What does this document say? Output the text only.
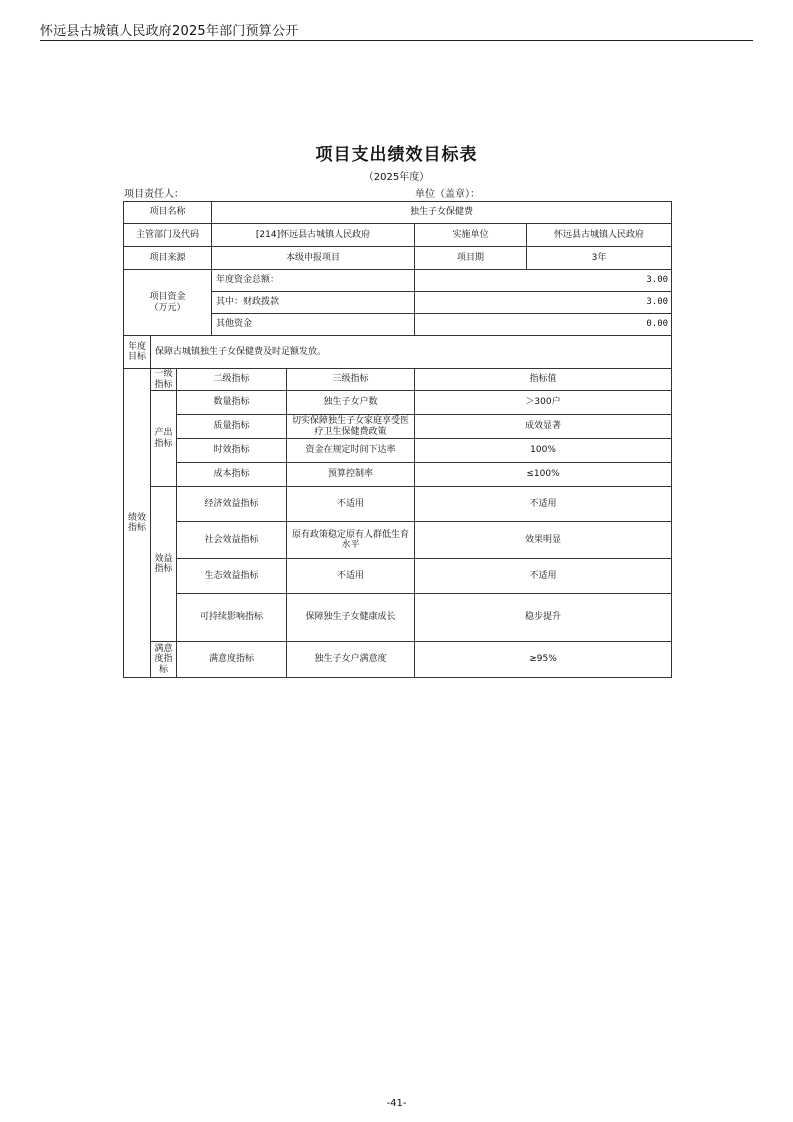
怀远县古城镇人民政府2025年部门预算公开
项目支出绩效目标表
（2025年度）
项目责任人：	单位（盖章）：
项目名称			独生子女保健费			
主管部门及代码			[214]怀远县古城镇人民政府		实施单位	怀远县古城镇人民政府
项目来源			本级申报项目		项目期	3年

项目资金
（万元）			年度资金总额：		3.00	
			其中：财政拨款		3.00	
			其他资金		0.00	
年度目标	保障古城镇独生子女保健费及时足额发放。					
绩效指标	一级指标	二级指标		三级指标	指标值	
	产出指标	数量指标		独生子女户数	＞300户	
		质量指标		切实保障独生子女家庭享受医疗卫生保健费政策	成效显著	
		时效指标		资金在规定时间下达率	100%	
		成本指标		预算控制率	≤100%	
	效益指标	经济效益指标		不适用	不适用	
		社会效益指标		原有政策稳定原有人群低生育水平	效果明显	
		生态效益指标		不适用	不适用	
		可持续影响指标		保障独生子女健康成长	稳步提升	
	满意度指标	满意度指标		独生子女户满意度	≥95%	
-41-
